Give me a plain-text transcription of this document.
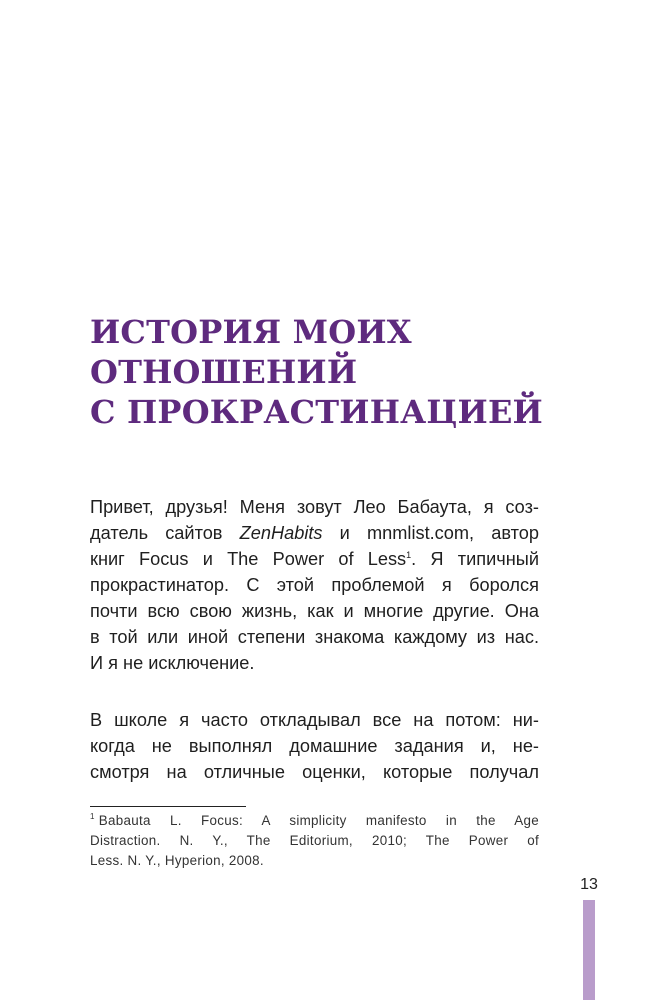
ИСТОРИЯ МОИХ
ОТНОШЕНИЙ
С ПРОКРАСТИНАЦИЕЙ
Привет, друзья! Меня зовут Лео Бабаута, я соз-
датель сайтов ZenHabits и mnmlist.com, автор
книг Focus и The Power of Less$^1$. Я типичный
прокрастинатор. С этой проблемой я боролся
почти всю свою жизнь, как и многие другие. Она
в той или иной степени знакома каждому из нас.
И я не исключение.
В школе я часто откладывал все на потом: ни-
когда не выполнял домашние задания и, не-
смотря на отличные оценки, которые получал
$^1$ Babauta L. Focus: A simplicity manifesto in the Age
Distraction. N. Y., The Editorium, 2010; The Power of
Less. N. Y., Hyperion, 2008.
13
